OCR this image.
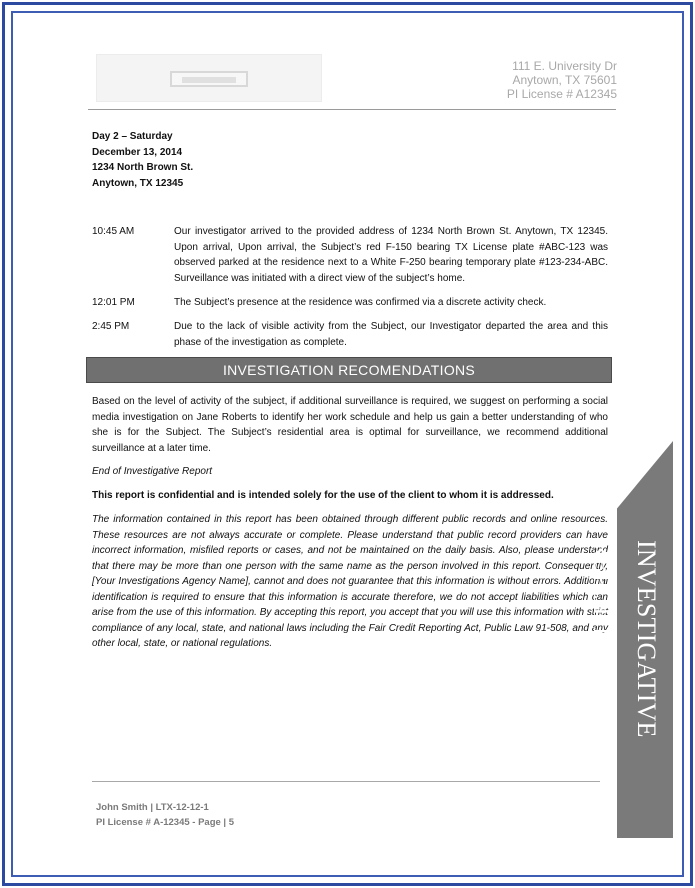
111 E. University Dr
Anytown, TX 75601
PI License # A12345
Day 2 – Saturday
December 13, 2014
1234 North Brown St.
Anytown, TX 12345
10:45 AM	Our investigator arrived to the provided address of 1234 North Brown St. Anytown, TX 12345. Upon arrival, Upon arrival, the Subject’s red F-150 bearing TX License plate #ABC-123 was observed parked at the residence next to a White F-250 bearing temporary plate #123-234-ABC. Surveillance was initiated with a direct view of the subject’s home.
12:01 PM	The Subject’s presence at the residence was confirmed via a discrete activity check.
2:45 PM	Due to the lack of visible activity from the Subject, our Investigator departed the area and this phase of the investigation as complete.
INVESTIGATION RECOMENDATIONS
Based on the level of activity of the subject, if additional surveillance is required, we suggest on performing a social media investigation on Jane Roberts to identify her work schedule and help us gain a better understanding of who she is for the Subject. The Subject’s residential area is optimal for surveillance, we recommend additional surveillance at a later time.
End of Investigative Report
This report is confidential and is intended solely for the use of the client to whom it is addressed.
The information contained in this report has been obtained through different public records and online resources. These resources are not always accurate or complete. Please understand that public record providers can have incorrect information, misfiled reports or cases, and not be maintained on the daily basis. Also, please understand that there may be more than one person with the same name as the person involved in this report. Consequently, [Your Investigations Agency Name], cannot and does not guarantee that this information is without errors. Additional identification is required to ensure that this information is accurate therefore, we do not accept liabilities which can arise from the use of this information. By accepting this report, you accept that you will use this information with strict compliance of any local, state, and national laws including the Fair Credit Reporting Act, Public Law 91-508, and any other local, state, or national regulations.
John Smith | LTX-12-12-1
PI License # A-12345 - Page | 5
INVESTIGATIVE REPORT
